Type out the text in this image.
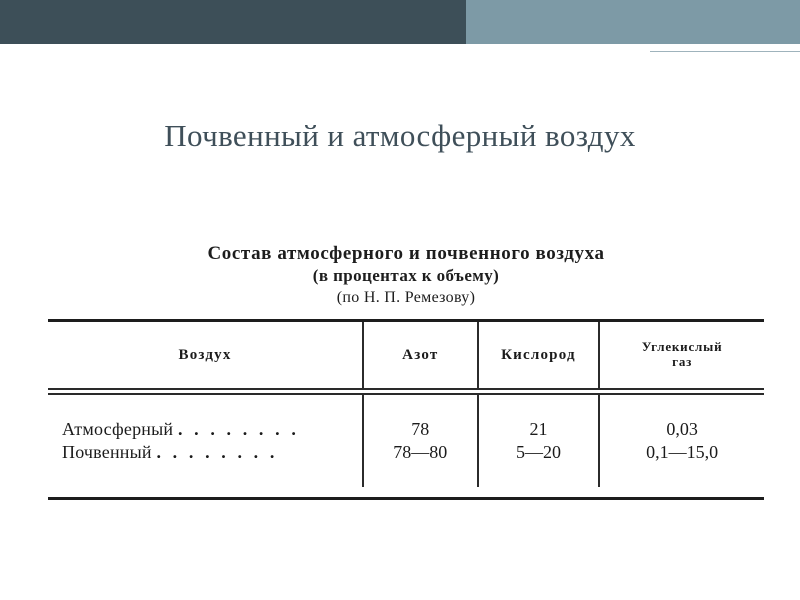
Почвенный и атмосферный воздух
Состав атмосферного и почвенного воздуха
(в процентах к объему)
(по Н. П. Ремезову)
Воздух	Азот	Кислород	Углекислый
газ

Атмосферный . . . . . . . .	78	21	0,03
Почвенный . . . . . . . .	78—80	5—20	0,1—15,0
